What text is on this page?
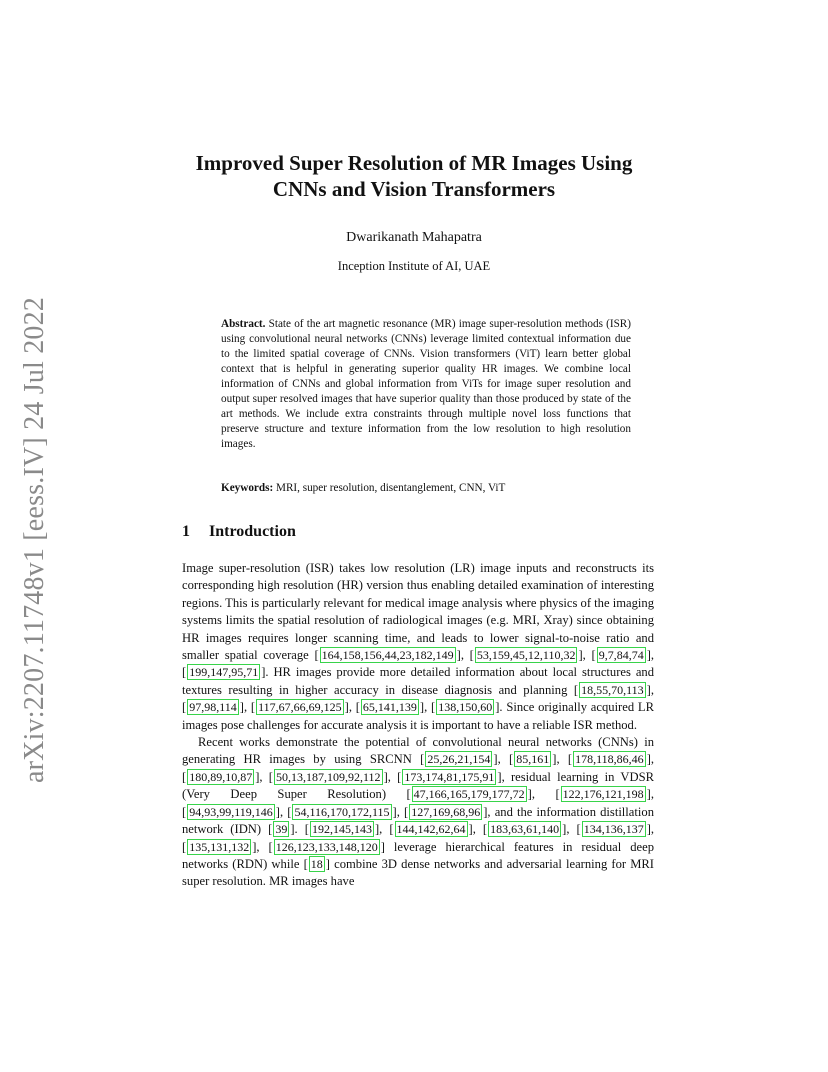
arXiv:2207.11748v1 [eess.IV] 24 Jul 2022
Improved Super Resolution of MR Images Using
CNNs and Vision Transformers
Dwarikanath Mahapatra
Inception Institute of AI, UAE
Abstract. State of the art magnetic resonance (MR) image super-resolution methods (ISR) using convolutional neural networks (CNNs) leverage limited contextual information due to the limited spatial coverage of CNNs. Vision transformers (ViT) learn better global context that is helpful in generating superior quality HR images. We combine local information of CNNs and global information from ViTs for image super resolution and output super resolved images that have superior quality than those produced by state of the art methods. We include extra constraints through multiple novel loss functions that preserve structure and texture information from the low resolution to high resolution images.
Keywords: MRI, super resolution, disentanglement, CNN, ViT
1 Introduction

Image super-resolution (ISR) takes low resolution (LR) image inputs and reconstructs its corresponding high resolution (HR) version thus enabling detailed examination of interesting regions. This is particularly relevant for medical image analysis where physics of the imaging systems limits the spatial resolution of radiological images (e.g. MRI, Xray) since obtaining HR images requires longer scanning time, and leads to lower signal-to-noise ratio and smaller spatial coverage [ 164,158,156,44,23,182,149 ], [ 53,159,45,12,110,32 ], [ 9,7,84,74 ], [ 199,147,95,71 ]. HR images provide more detailed information about local structures and textures resulting in higher accuracy in disease diagnosis and planning [ 18,55,70,113 ], [ 97,98,114 ], [ 117,67,66,69,125 ], [ 65,141,139 ], [ 138,150,60 ]. Since originally acquired LR images pose challenges for accurate analysis it is important to have a reliable ISR method.

Recent works demonstrate the potential of convolutional neural networks (CNNs) in generating HR images by using SRCNN [ 25,26,21,154 ], [ 85,161 ], [ 178,118,86,46 ], [ 180,89,10,87 ], [ 50,13,187,109,92,112 ], [ 173,174,81,175,91 ], residual learning in VDSR (Very Deep Super Resolution) [ 47,166,165,179,177,72 ], [ 122,176,121,198 ], [ 94,93,99,119,146 ], [ 54,116,170,172,115 ], [ 127,169,68,96 ], and the information distillation network (IDN) [ 39 ]. [ 192,145,143 ], [ 144,142,62,64 ], [ 183,63,61,140 ], [ 134,136,137 ], [ 135,131,132 ], [ 126,123,133,148,120 ] leverage hierarchical features in residual deep networks (RDN) while [ 18 ] combine 3D dense networks and adversarial learning for MRI super resolution. MR images have
